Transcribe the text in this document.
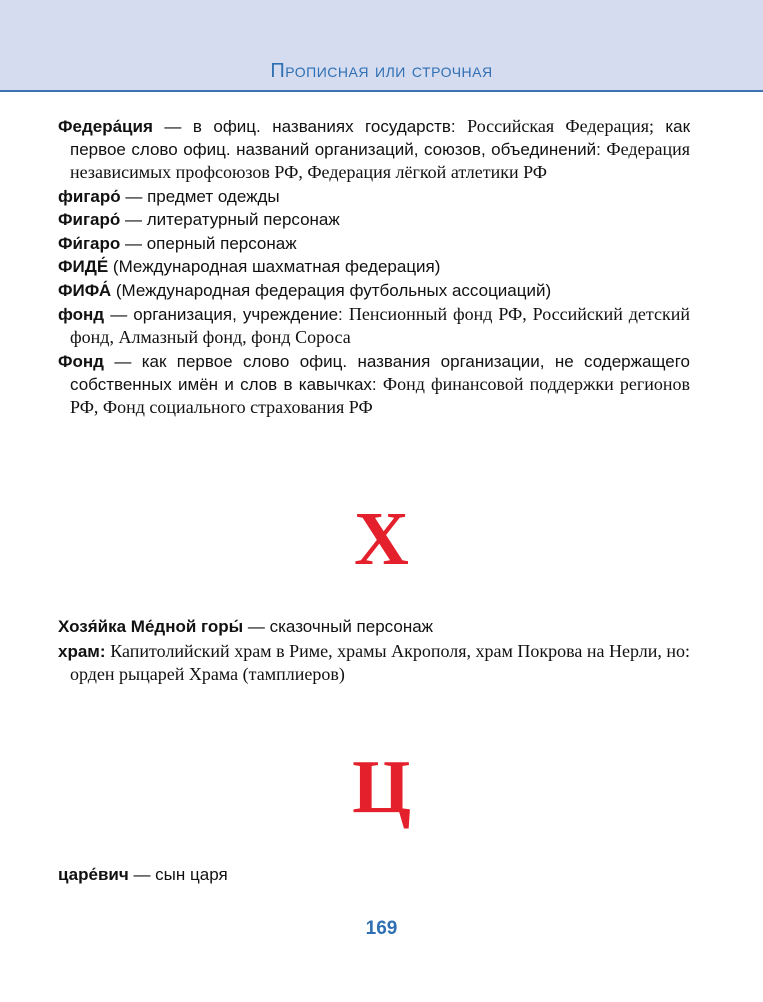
Прописная или строчная

Федера́ция — в офиц. названиях государств: Российская Федерация; как первое слово офиц. названий организаций, союзов, объединений: Федерация независимых профсоюзов РФ, Федерация лёгкой атлетики РФ

фигаро́ — предмет одежды

Фигаро́ — литературный персонаж

Фи́гаро — оперный персонаж

ФИДЕ́ (Международная шахматная федерация)

ФИФА́ (Международная федерация футбольных ассоциаций)

фонд — организация, учреждение: Пенсионный фонд РФ, Российский детский фонд, Алмазный фонд, фонд Сороса

Фонд — как первое слово офиц. названия организации, не содержащего собственных имён и слов в кавычках: Фонд финансовой поддержки регионов РФ, Фонд социального страхования РФ

Х

Хозя́йка Ме́дной горы́ — сказочный персонаж

храм: Капитолийский храм в Риме, храмы Акрополя, храм Покрова на Нерли, но: орден рыцарей Храма (тамплиеров)

Ц

царе́вич — сын царя

169
